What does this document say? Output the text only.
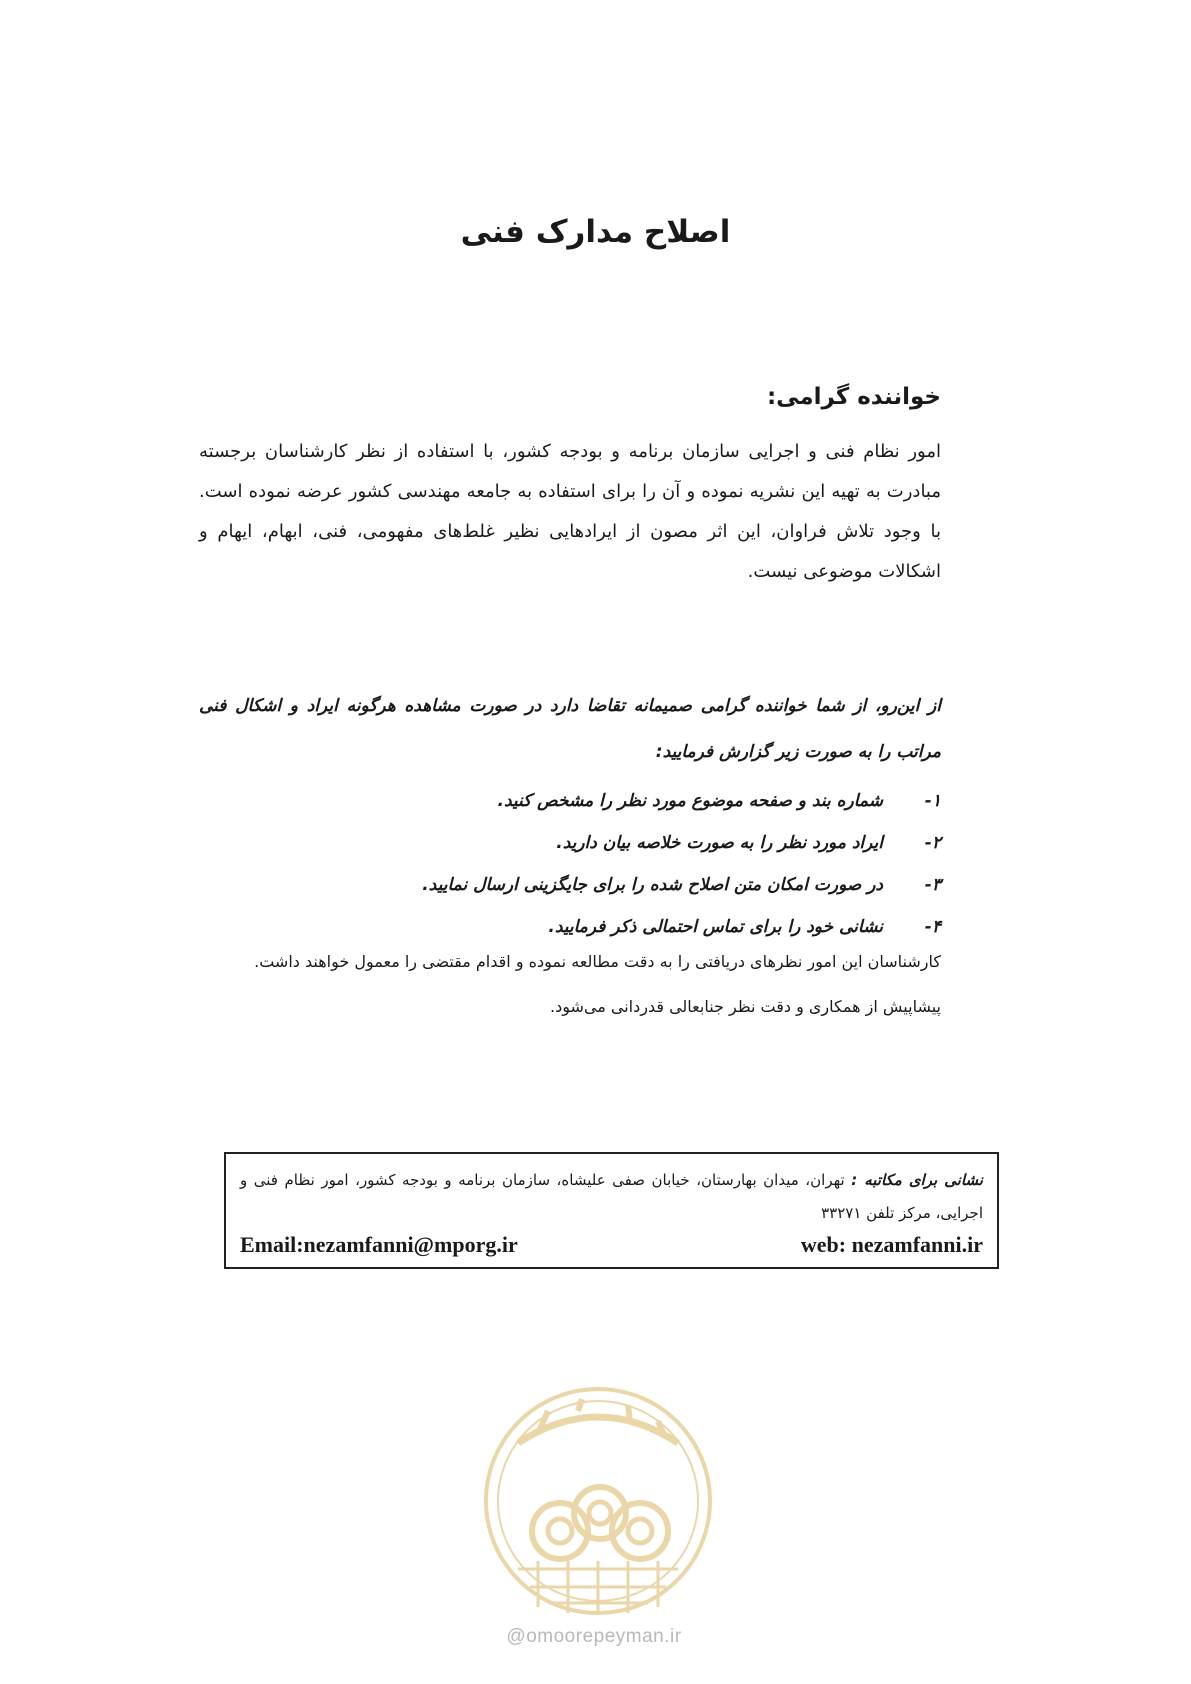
اصلاح مدارک فنی
خواننده گرامی:

امور نظام فنی و اجرایی سازمان برنامه و بودجه کشور، با استفاده از نظر کارشناسان برجسته مبادرت به تهیه این نشریه نموده و آن را برای استفاده به جامعه مهندسی کشور عرضه نموده است. با وجود تلاش فراوان، این اثر مصون از ایرادهایی نظیر غلط‌های مفهومی، فنی، ابهام، ایهام و اشکالات موضوعی نیست.

از این‌رو، از شما خواننده گرامی صمیمانه تقاضا دارد در صورت مشاهده هرگونه ایراد و اشکال فنی مراتب را به صورت زیر گزارش فرمایید:

۱-شماره بند و صفحه موضوع مورد نظر را مشخص کنید.
۲-ایراد مورد نظر را به صورت خلاصه بیان دارید.
۳-در صورت امکان متن اصلاح شده را برای جایگزینی ارسال نمایید.
۴-نشانی خود را برای تماس احتمالی ذکر فرمایید.

کارشناسان این امور نظرهای دریافتی را به دقت مطالعه نموده و اقدام مقتضی را معمول خواهند داشت.

پیشاپیش از همکاری و دقت نظر جنابعالی قدردانی می‌شود.

نشانی برای مکاتبه : تهران، میدان بهارستان، خیابان صفی علیشاه، سازمان برنامه و بودجه کشور، امور نظام فنی و اجرایی، مرکز تلفن ۳۳۲۷۱

Email:nezamfanni@mporg.ir	web: nezamfanni.ir
@omoorepeyman.ir
